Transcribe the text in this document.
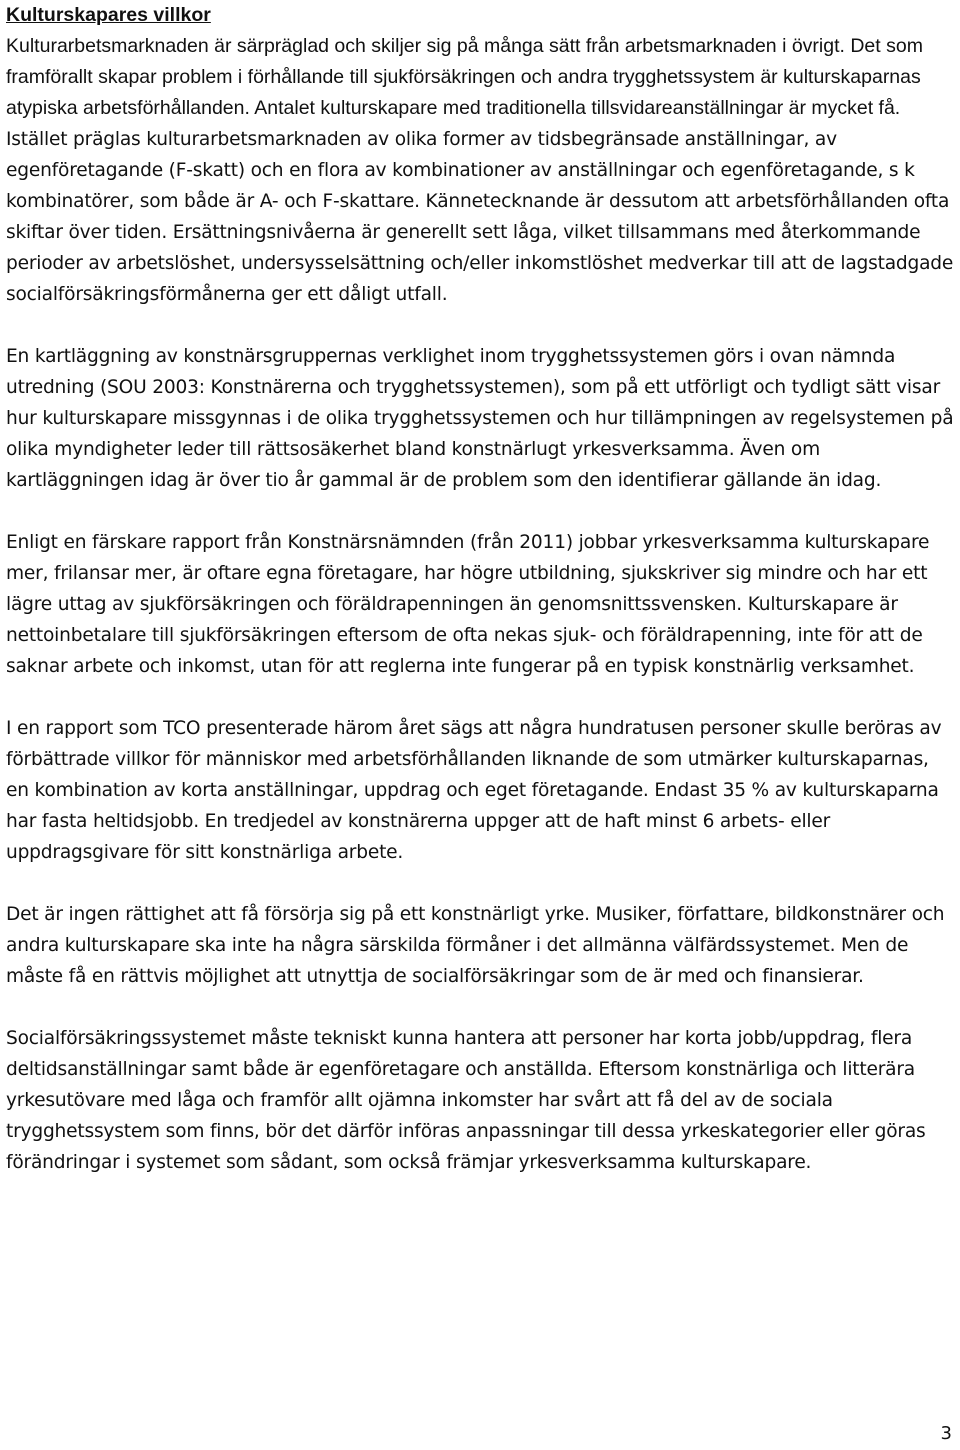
Kulturskapares villkor

Kulturarbetsmarknaden är särpräglad och skiljer sig på många sätt från arbetsmarknaden i övrigt. Det som framförallt skapar problem i förhållande till sjukförsäkringen och andra trygghetssystem är kulturskaparnas atypiska arbetsförhållanden. Antalet kulturskapare med traditionella tillsvidareanställningar är mycket få. Istället präglas kulturarbetsmarknaden av olika former av tidsbegränsade anställningar, av egenföretagande (F-skatt) och en flora av kombinationer av anställningar och egenföretagande, s k kombinatörer, som både är A- och F-skattare. Kännetecknande är dessutom att arbetsförhållanden ofta skiftar över tiden. Ersättningsnivåerna är generellt sett låga, vilket tillsammans med återkommande perioder av arbetslöshet, undersysselsättning och/eller inkomstlöshet medverkar till att de lagstadgade socialförsäkringsförmånerna ger ett dåligt utfall.

En kartläggning av konstnärsgruppernas verklighet inom trygghetssystemen görs i ovan nämnda utredning (SOU 2003: Konstnärerna och trygghetssystemen), som på ett utförligt och tydligt sätt visar hur kulturskapare missgynnas i de olika trygghetssystemen och hur tillämpningen av regelsystemen på olika myndigheter leder till rättsosäkerhet bland konstnärlugt yrkesverksamma. Även om kartläggningen idag är över tio år gammal är de problem som den identifierar gällande än idag.

Enligt en färskare rapport från Konstnärsnämnden (från 2011) jobbar yrkesverksamma kulturskapare mer, frilansar mer, är oftare egna företagare, har högre utbildning, sjukskriver sig mindre och har ett lägre uttag av sjukförsäkringen och föräldrapenningen än genomsnittssvensken. Kulturskapare är nettoinbetalare till sjukförsäkringen eftersom de ofta nekas sjuk- och föräldrapenning, inte för att de saknar arbete och inkomst, utan för att reglerna inte fungerar på en typisk konstnärlig verksamhet.

I en rapport som TCO presenterade härom året sägs att några hundratusen personer skulle beröras av förbättrade villkor för människor med arbetsförhållanden liknande de som utmärker kulturskaparnas, en kombination av korta anställningar, uppdrag och eget företagande. Endast 35 % av kulturskaparna har fasta heltidsjobb. En tredjedel av konstnärerna uppger att de haft minst 6 arbets- eller uppdragsgivare för sitt konstnärliga arbete.

Det är ingen rättighet att få försörja sig på ett konstnärligt yrke. Musiker, författare, bildkonstnärer och andra kulturskapare ska inte ha några särskilda förmåner i det allmänna välfärdssystemet. Men de måste få en rättvis möjlighet att utnyttja de socialförsäkringar som de är med och finansierar.

Socialförsäkringssystemet måste tekniskt kunna hantera att personer har korta jobb/uppdrag, flera deltidsanställningar samt både är egenföretagare och anställda. Eftersom konstnärliga och litterära yrkesutövare med låga och framför allt ojämna inkomster har svårt att få del av de sociala trygghetssystem som finns, bör det därför införas anpassningar till dessa yrkeskategorier eller göras förändringar i systemet som sådant, som också främjar yrkesverksamma kulturskapare.

3
